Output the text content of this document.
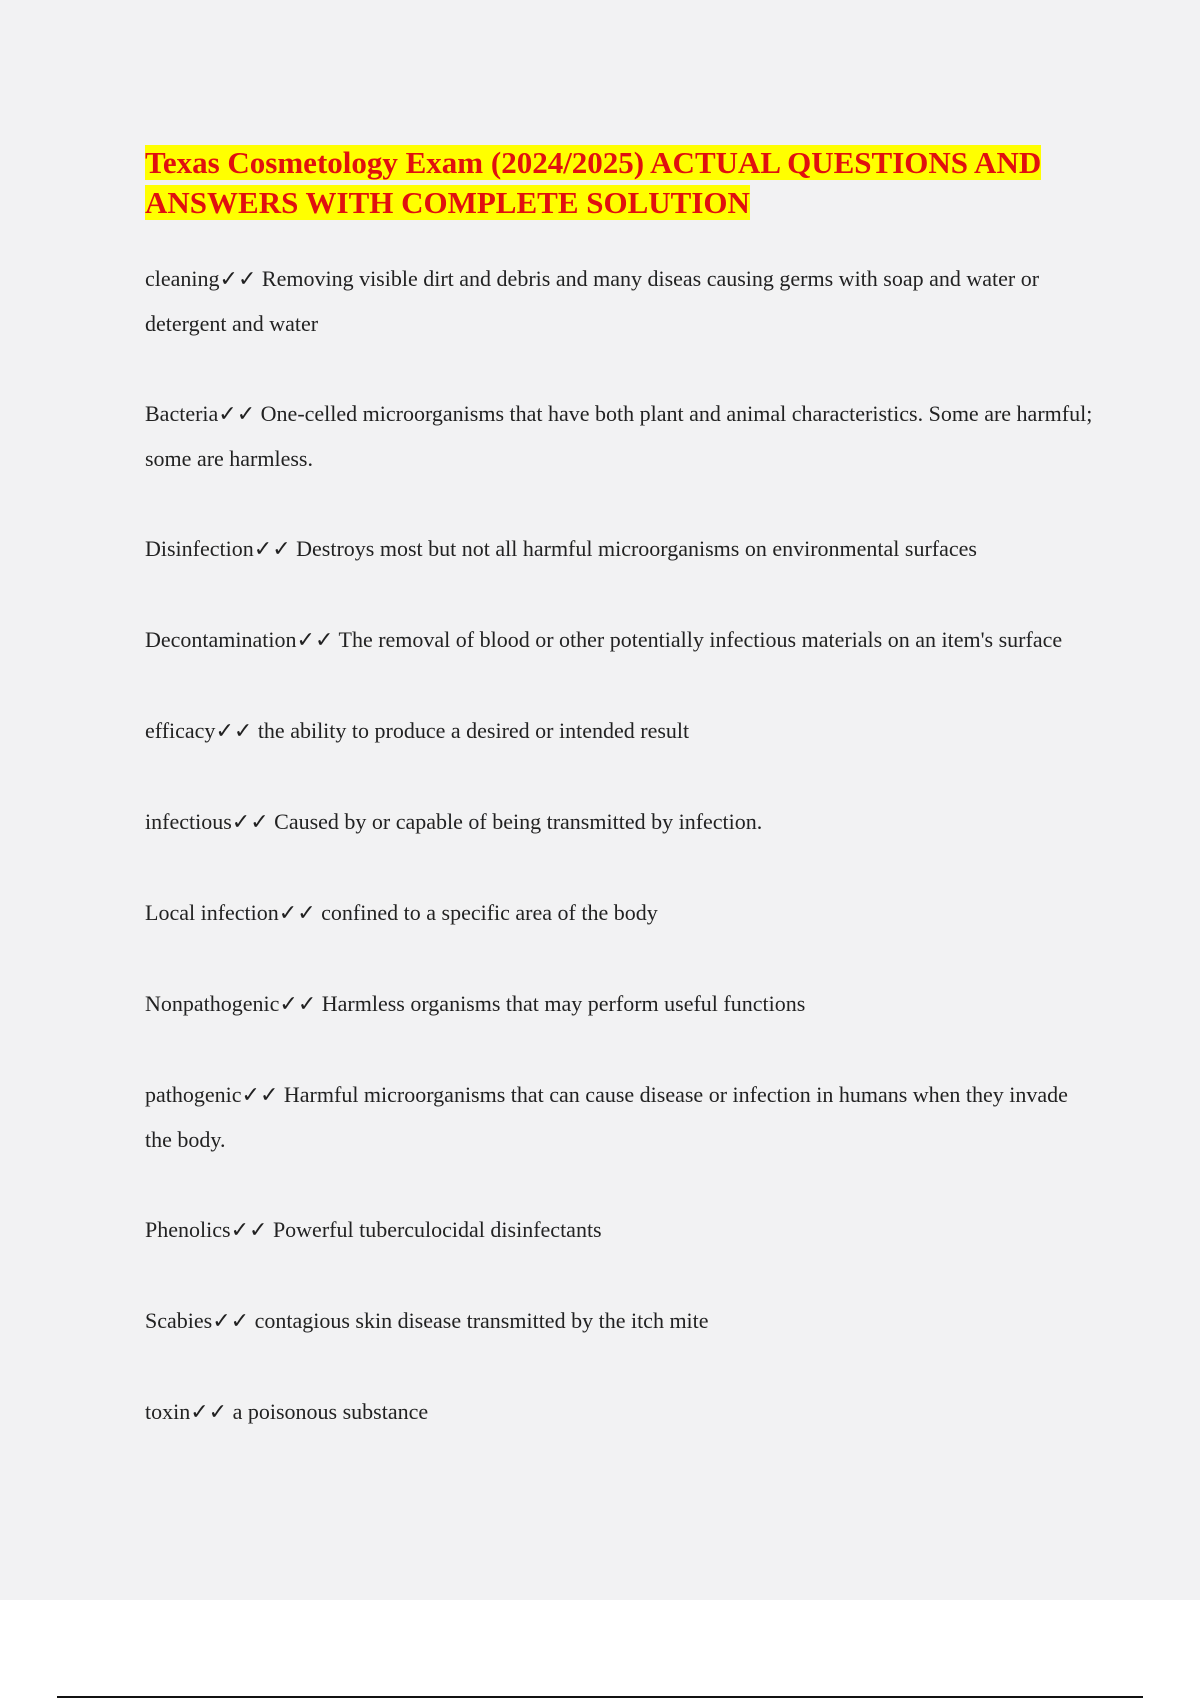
Texas Cosmetology Exam (2024/2025) ACTUAL QUESTIONS AND ANSWERS WITH COMPLETE SOLUTION
cleaning✓✓ Removing visible dirt and debris and many diseas causing germs with soap and water or detergent and water
Bacteria✓✓ One-celled microorganisms that have both plant and animal characteristics. Some are harmful; some are harmless.
Disinfection✓✓ Destroys most but not all harmful microorganisms on environmental surfaces
Decontamination✓✓ The removal of blood or other potentially infectious materials on an item's surface
efficacy✓✓ the ability to produce a desired or intended result
infectious✓✓ Caused by or capable of being transmitted by infection.
Local infection✓✓ confined to a specific area of the body
Nonpathogenic✓✓ Harmless organisms that may perform useful functions
pathogenic✓✓ Harmful microorganisms that can cause disease or infection in humans when they invade the body.
Phenolics✓✓ Powerful tuberculocidal disinfectants
Scabies✓✓ contagious skin disease transmitted by the itch mite
toxin✓✓ a poisonous substance
